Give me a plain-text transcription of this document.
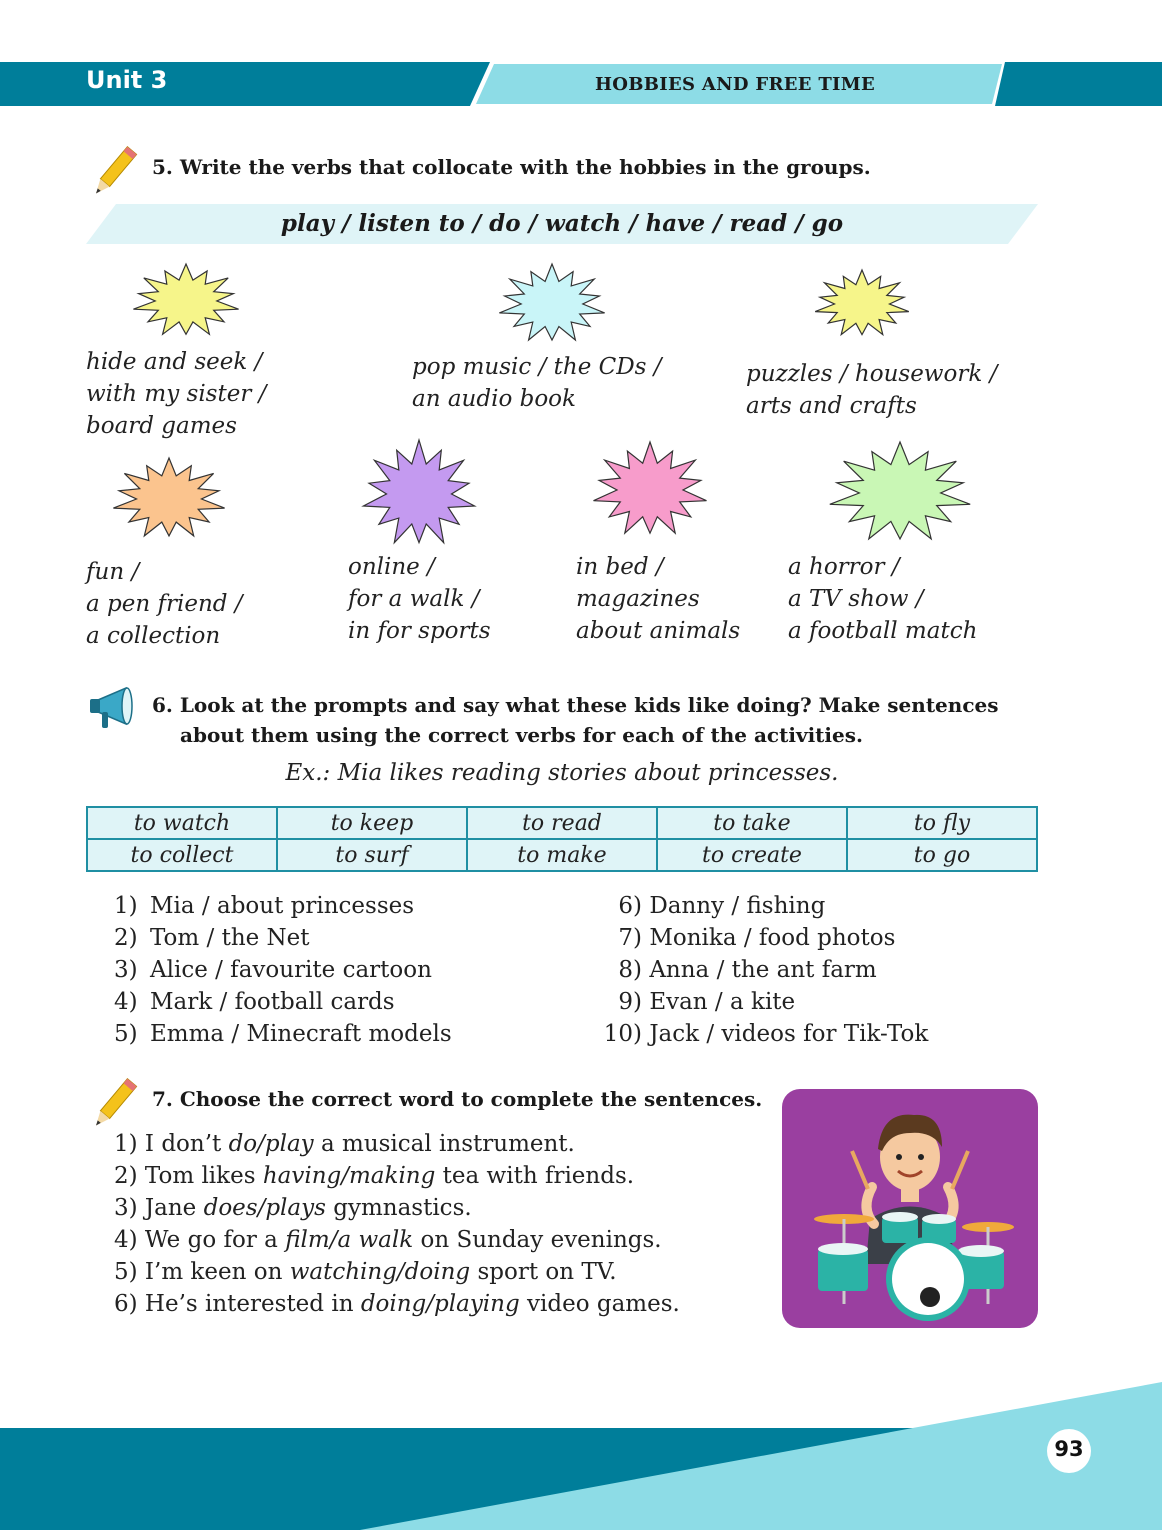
Unit 3	HOBBIES AND FREE TIME
5. Write the verbs that collocate with the hobbies in the groups.
play / listen to / do / watch / have / read / go
hide and seek /
with my sister /
board games
pop music / the CDs /
an audio book
puzzles / housework /
arts and crafts
fun /
a pen friend /
a collection
online /
for a walk /
in for sports
in bed /
magazines
about animals
a horror /
a TV show /
a football match
6. Look at the prompts and say what these kids like doing? Make sentences
about them using the correct verbs for each of the activities.
Ex.: Mia likes reading stories about princesses.
to watch	to keep	to read	to take	to fly
to collect	to surf	to make	to create	to go
1) Mia / about princesses
2) Tom / the Net
3) Alice / favourite cartoon
4) Mark / football cards
5) Emma / Minecraft models
6) Danny / fishing
7) Monika / food photos
8) Anna / the ant farm
9) Evan / a kite
10) Jack / videos for Tik-Tok
7. Choose the correct word to complete the sentences.
1) I don’t do/play a musical instrument.
2) Tom likes having/making tea with friends.
3) Jane does/plays gymnastics.
4) We go for a film/a walk on Sunday evenings.
5) I’m keen on watching/doing sport on TV.
6) He’s interested in doing/playing video games.
93
